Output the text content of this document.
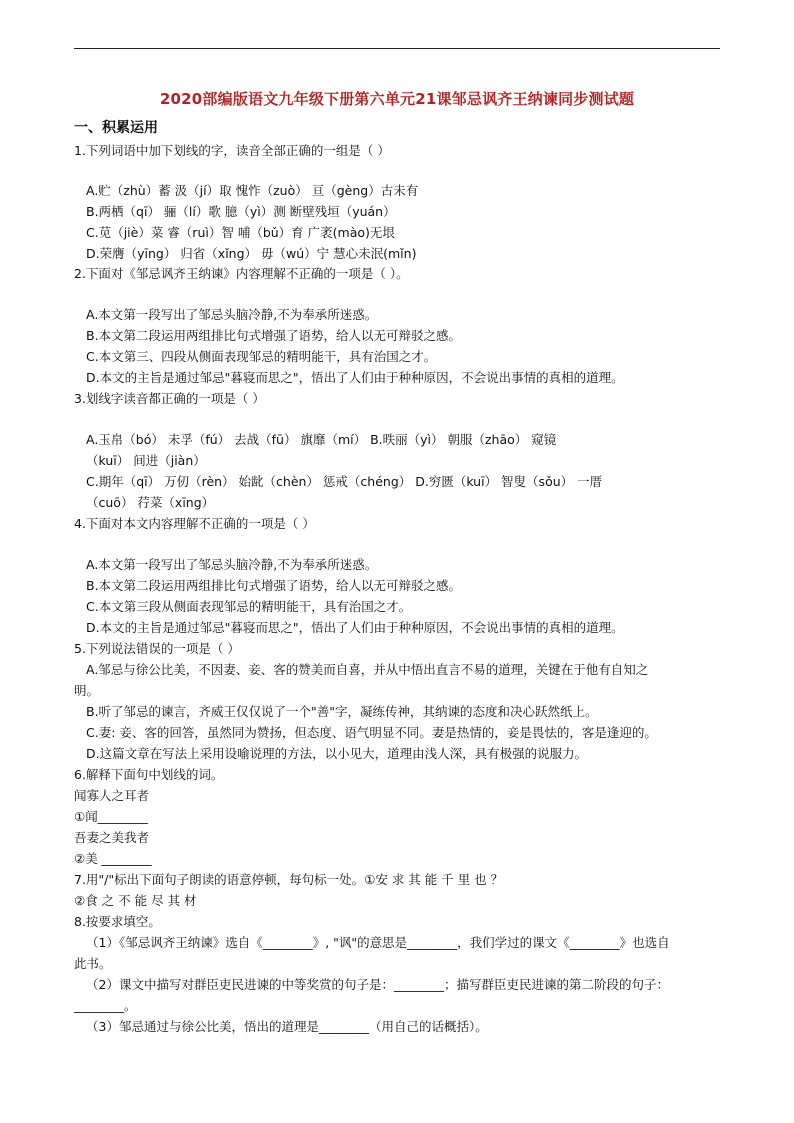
2020部编版语文九年级下册第六单元21课邹忌讽齐王纳谏同步测试题
一、积累运用
1.下列词语中加下划线的字，读音全部正确的一组是（ ）
A.贮（zhù）蓄 汲（jí）取 愧怍（zuò） 亘（gèng）古未有
B.两栖（qī） 骊（lí）歌 臆（yì）测 断壁残垣（yuán）
C.苋（jiè）菜 睿（ruì）智 哺（bǔ）育 广袤(mào)无垠
D.荣膺（yīng） 归省（xǐng） 毋（wú）宁 慧心未泯(mǐn)
2.下面对《邹忌讽齐王纳谏》内容理解不正确的一项是（ ）。
A.本文第一段写出了邹忌头脑冷静,不为奉承所迷惑。
B.本文第二段运用两组排比句式增强了语势，给人以无可辩驳之感。
C.本文第三、四段从侧面表现邹忌的精明能干，具有治国之才。
D.本文的主旨是通过邹忌"暮寝而思之"，悟出了人们由于种种原因，不会说出事情的真相的道理。
3.划线字读音都正确的一项是（ ）
A.玉帛（bó） 未孚（fú） 去战（fū） 旗靡（mí） B.昳丽（yì） 朝服（zhāo） 窥镜
（kuī） 间进（jiàn）
C.期年（qī） 万仞（rèn） 始龀（chèn） 惩戒（chéng） D.穷匮（kuī） 智叟（sǒu） 一厝
（cuō） 荇菜（xīng）
4.下面对本文内容理解不正确的一项是（ ）
A.本文第一段写出了邹忌头脑冷静,不为奉承所迷惑。
B.本文第二段运用两组排比句式增强了语势，给人以无可辩驳之感。
C.本文第三段从侧面表现邹忌的精明能干，具有治国之才。
D.本文的主旨是通过邹忌"暮寝而思之"，悟出了人们由于种种原因，不会说出事情的真相的道理。
5.下列说法错误的一项是（ ）
A.邹忌与徐公比美，不因妻、妾、客的赞美而自喜，并从中悟出直言不易的道理，关键在于他有自知之
明。
B.听了邹忌的谏言，齐威王仅仅说了一个"善"字，凝练传神，其纳谏的态度和决心跃然纸上。
C.妻: 妾、客的回答，虽然同为赞扬，但态度、语气明显不同。妻是热情的，妾是畏怯的，客是逢迎的。
D.这篇文章在写法上采用设喻说理的方法，以小见大，道理由浅人深，具有极强的说服力。
6.解释下面句中划线的词。
闻寡人之耳者
①闻________
吾妻之美我者
②美 ________
7.用"/"标出下面句子朗读的语意停顿，每句标一处。①安 求 其 能 千 里 也 ？
②食 之 不 能 尽 其 材
8.按要求填空。
（1）《邹忌讽齐王纳谏》选自《________》, "讽"的意思是________，我们学过的课文《________》也选自
此书。
（2）课文中描写对群臣吏民进谏的中等奖赏的句子是：________；描写群臣吏民进谏的第二阶段的句子：
________。
（3）邹忌通过与徐公比美，悟出的道理是________（用自己的话概括）。
